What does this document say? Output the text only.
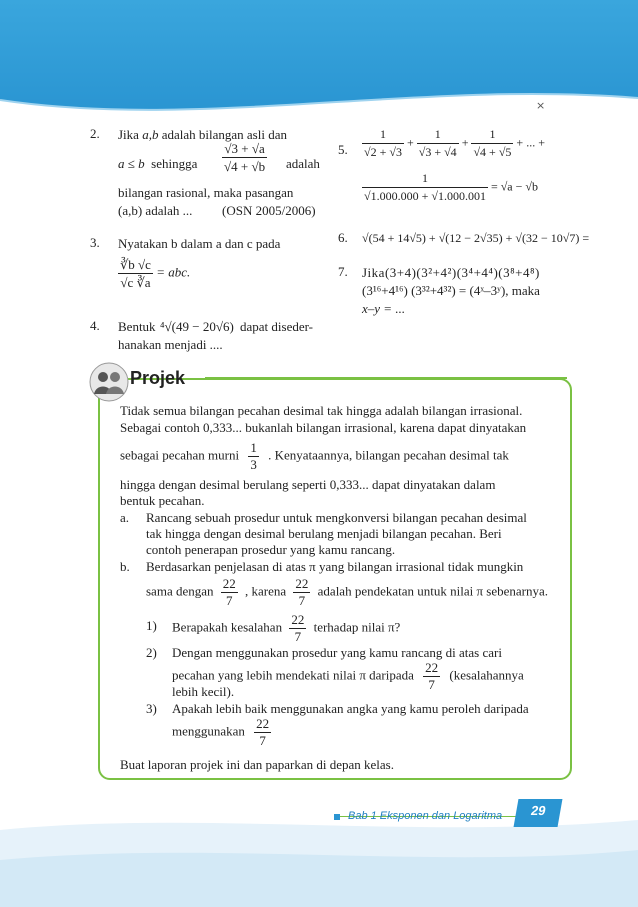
×
2. Jika a,b adalah bilangan asli dan
a ≤ b sehingga $\frac{√3 + √a}{√4 + √b}$ adalah
bilangan rasional, maka pasangan
(a,b) adalah ... (OSN 2005/2006)
3. Nyatakan b dalam a dan c pada
$\frac{∛b √c}{√c ∛a}$ = abc.
4. Bentuk ⁴√(49 − 20√6) dapat diseder-
hanakan menjadi ....
5. $\frac{1}{√2 + √3} + \frac{1}{√3 + √4} + \frac{1}{√4 + √5}$ + ... +
$\frac{1}{√1.000.000 + √1.000.001} = √a - √b$
6. √(54 + 14√5) + √(12 − 2√35) + √(32 − 10√7) =
7. Jika(3+4)(3²+4²)(3⁴+4⁴)(3⁸+4⁸)
(3¹⁶+4¹⁶) (3³²+4³²) = (4ˣ–3ʸ), maka
x–y = ...
Projek
Tidak semua bilangan pecahan desimal tak hingga adalah bilangan irrasional.
Sebagai contoh 0,333... bukanlah bilangan irrasional, karena dapat dinyatakan
sebagai pecahan murni $\frac{1}{3}$ . Kenyataannya, bilangan pecahan desimal tak
hingga dengan desimal berulang seperti 0,333... dapat dinyatakan dalam
bentuk pecahan.
a.	Rancang sebuah prosedur untuk mengkonversi bilangan pecahan desimal
tak hingga dengan desimal berulang menjadi bilangan pecahan. Beri
contoh penerapan prosedur yang kamu rancang.
b.	Berdasarkan penjelasan di atas π yang bilangan irrasional tidak mungkin
sama dengan $\frac{22}{7}$ , karena $\frac{22}{7}$ adalah pendekatan untuk nilai π sebenarnya.
1)	Berapakah kesalahan $\frac{22}{7}$ terhadap nilai π?
2)	Dengan menggunakan prosedur yang kamu rancang di atas cari
pecahan yang lebih mendekati nilai π daripada $\frac{22}{7}$ (kesalahannya
lebih kecil).
3)	Apakah lebih baik menggunakan angka yang kamu peroleh daripada
menggunakan $\frac{22}{7}$
Buat laporan projek ini dan paparkan di depan kelas.
Bab 1 Eksponen dan Logaritma	29
